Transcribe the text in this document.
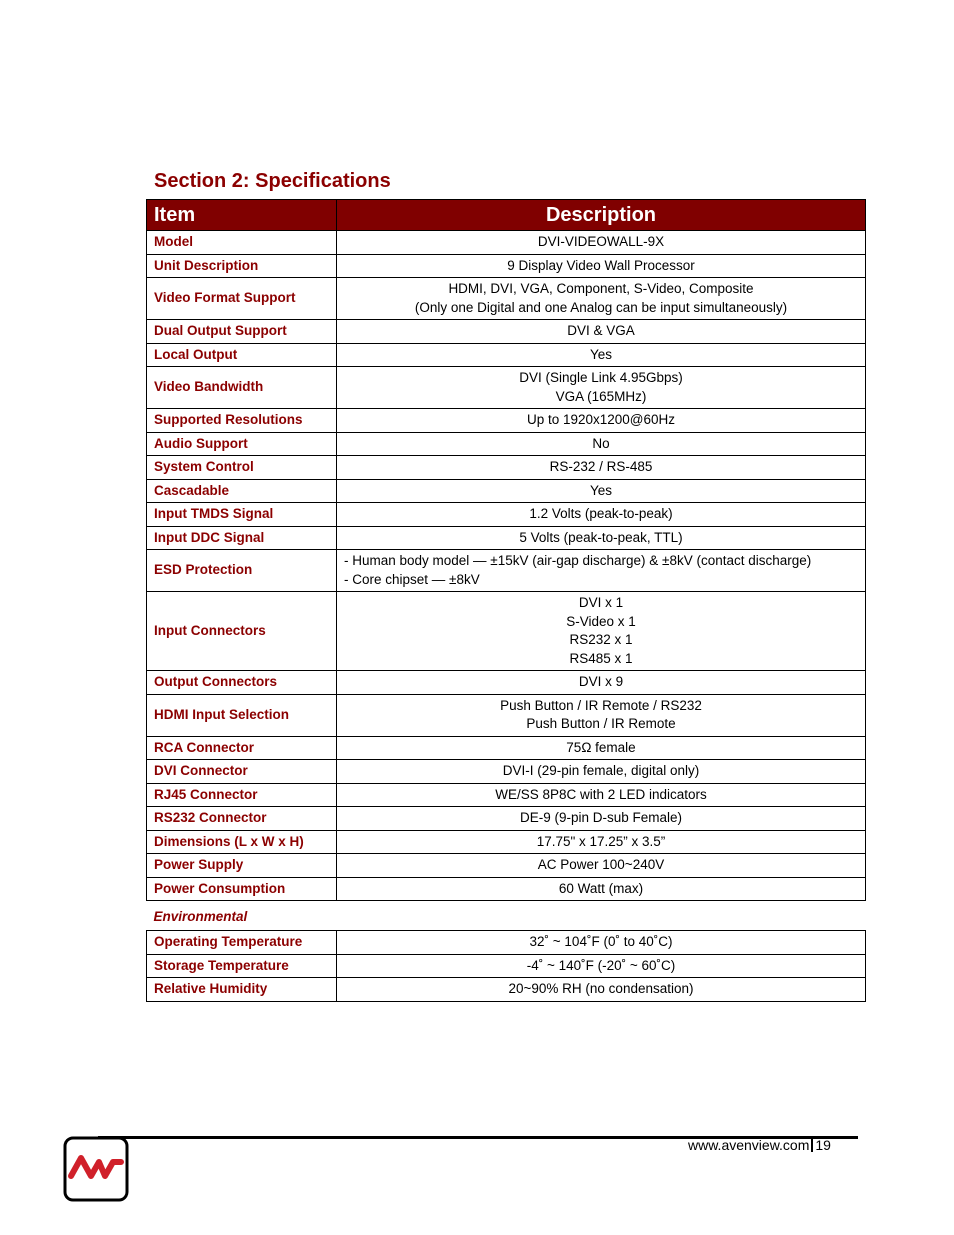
Section 2: Specifications
Item	Description
Model	DVI-VIDEOWALL-9X

Unit Description	9 Display Video Wall Processor

Video Format Support	HDMI, DVI, VGA, Component, S-Video, Composite
(Only one Digital and one Analog can be input simultaneously)

Dual Output Support	DVI & VGA

Local Output	Yes

Video Bandwidth	DVI (Single Link 4.95Gbps)
VGA (165MHz)

Supported Resolutions	Up to 1920x1200@60Hz

Audio Support	No

System Control	RS-232 / RS-485

Cascadable	Yes

Input TMDS Signal	1.2 Volts (peak-to-peak)

Input DDC Signal	5 Volts (peak-to-peak, TTL)

ESD Protection	- Human body model — ±15kV (air-gap discharge) & ±8kV (contact discharge)
- Core chipset — ±8kV

Input Connectors	DVI x 1
S-Video x 1
RS232 x 1
RS485 x 1

Output Connectors	DVI x 9

HDMI Input Selection	Push Button / IR Remote / RS232
Push Button / IR Remote

RCA Connector	75Ω female

DVI Connector	DVI-I (29-pin female, digital only)

RJ45 Connector	WE/SS 8P8C with 2 LED indicators

RS232 Connector	DE-9 (9-pin D-sub Female)

Dimensions (L x W x H)	17.75" x 17.25” x 3.5”

Power Supply	AC Power 100~240V

Power Consumption	60 Watt (max)

Environmental	
Operating Temperature	32˚ ~ 104˚F (0˚ to 40˚C)

Storage Temperature	-4˚ ~ 140˚F (-20˚ ~ 60˚C)

Relative Humidity	20~90% RH (no condensation)
www.avenview.com 19
